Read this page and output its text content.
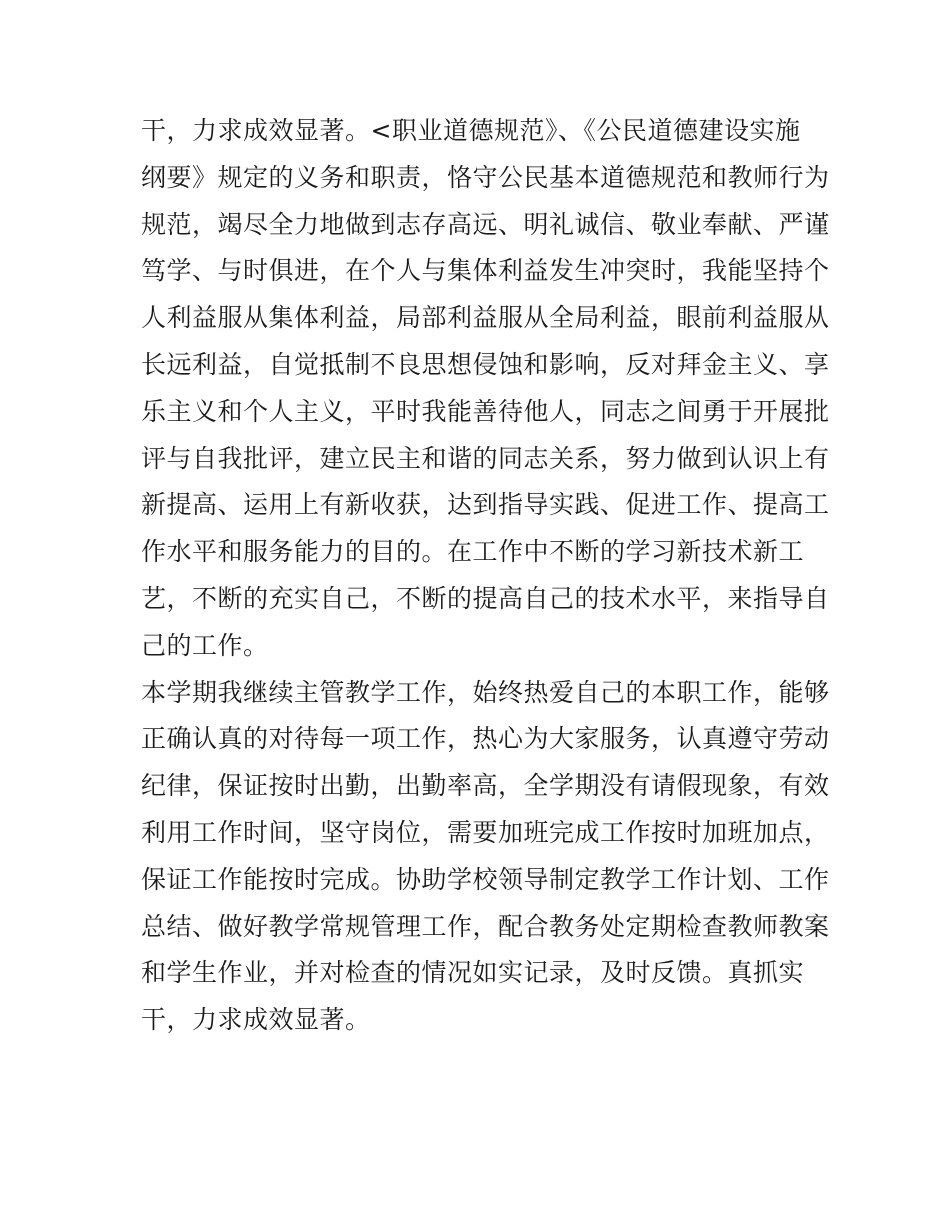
干，力求成效显著。<职业道德规范》、《公民道德建设实施
纲要》规定的义务和职责，恪守公民基本道德规范和教师行为
规范，竭尽全力地做到志存高远、明礼诚信、敬业奉献、严谨
笃学、与时俱进，在个人与集体利益发生冲突时，我能坚持个
人利益服从集体利益，局部利益服从全局利益，眼前利益服从
长远利益，自觉抵制不良思想侵蚀和影响，反对拜金主义、享
乐主义和个人主义，平时我能善待他人，同志之间勇于开展批
评与自我批评，建立民主和谐的同志关系，努力做到认识上有
新提高、运用上有新收获，达到指导实践、促进工作、提高工
作水平和服务能力的目的。在工作中不断的学习新技术新工
艺，不断的充实自己，不断的提高自己的技术水平，来指导自
己的工作。
本学期我继续主管教学工作，始终热爱自己的本职工作，能够
正确认真的对待每一项工作，热心为大家服务，认真遵守劳动
纪律，保证按时出勤，出勤率高，全学期没有请假现象，有效
利用工作时间，坚守岗位，需要加班完成工作按时加班加点，
保证工作能按时完成。协助学校领导制定教学工作计划、工作
总结、做好教学常规管理工作，配合教务处定期检查教师教案
和学生作业，并对检查的情况如实记录，及时反馈。真抓实
干，力求成效显著。
